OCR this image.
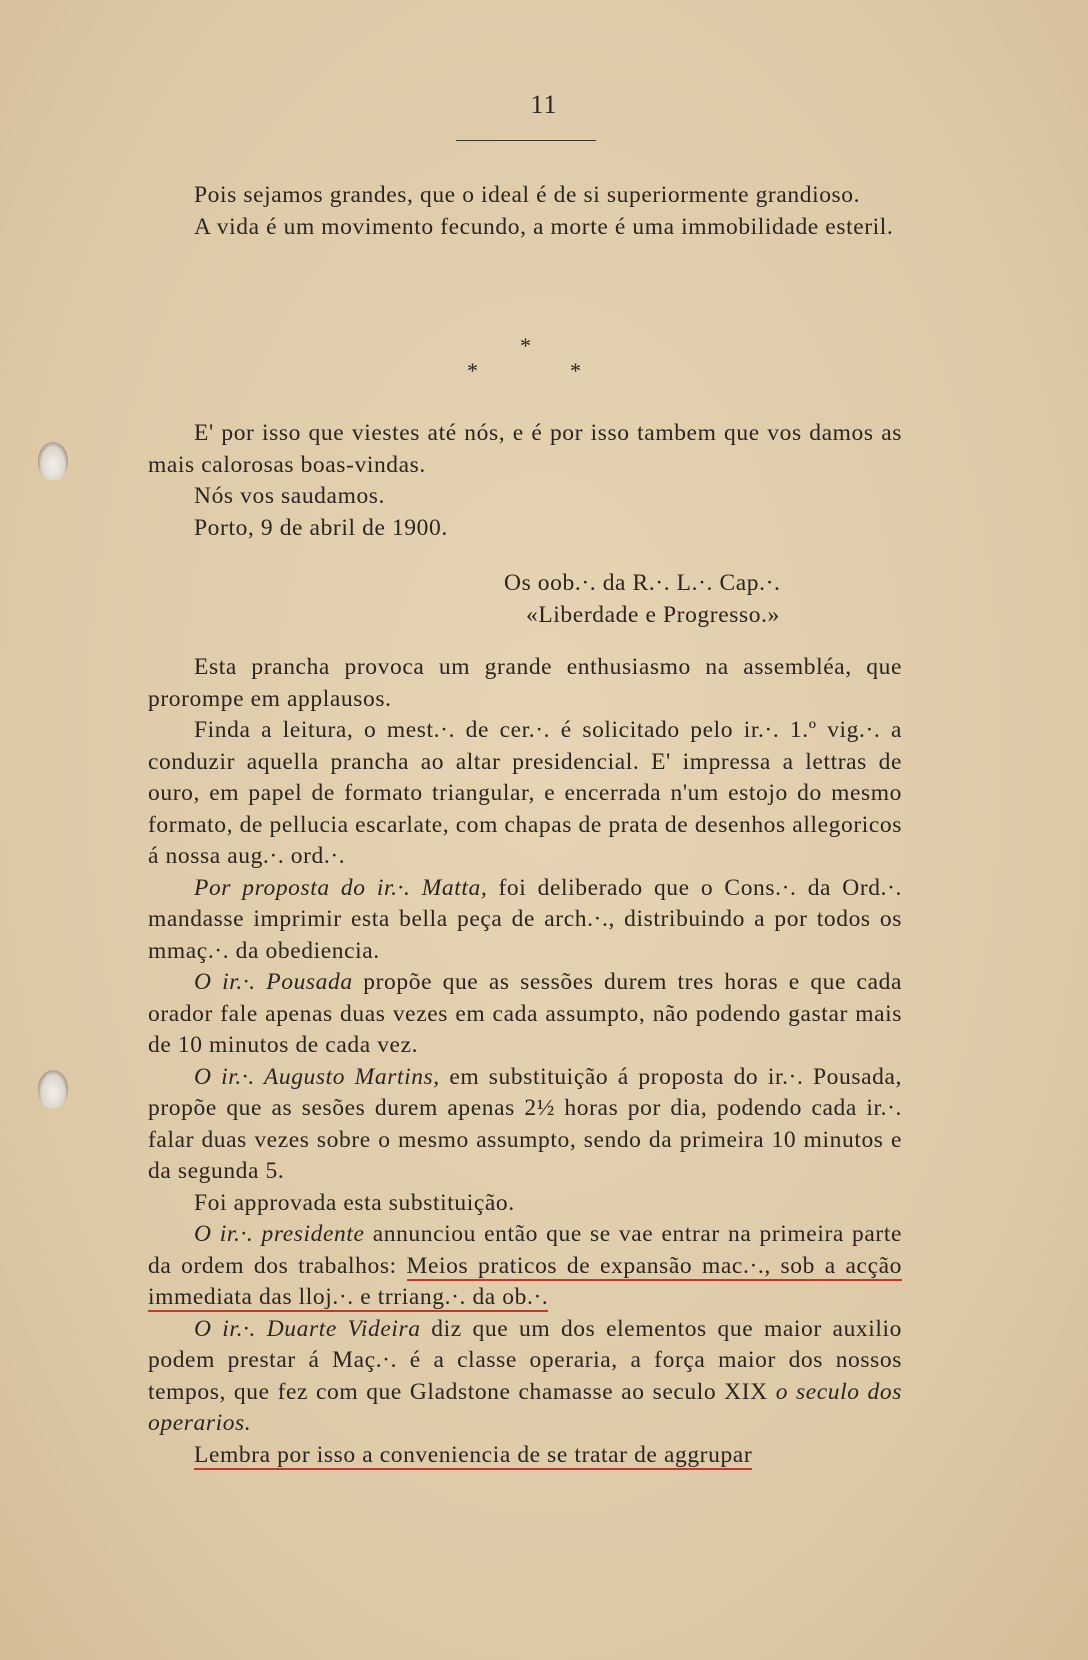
11

Pois sejamos grandes, que o ideal é de si superiormente grandioso.

A vida é um movimento fecundo, a morte é uma immobilidade esteril.

*
*	*

E' por isso que viestes até nós, e é por isso tambem que vos damos as mais calorosas boas-vindas.

Nós vos saudamos.

Porto, 9 de abril de 1900.

Os oob.·. da R.·. L.·. Cap.·.
«Liberdade e Progresso.»

Esta prancha provoca um grande enthusiasmo na assembléa, que prorompe em applausos.

Finda a leitura, o mest.·. de cer.·. é solicitado pelo ir.·. 1.º vig.·. a conduzir aquella prancha ao altar presidencial. E' impressa a lettras de ouro, em papel de formato triangular, e encerrada n'um estojo do mesmo formato, de pellucia escarlate, com chapas de prata de desenhos allegoricos á nossa aug.·. ord.·.

Por proposta do ir.·. Matta, foi deliberado que o Cons.·. da Ord.·. mandasse imprimir esta bella peça de arch.·., distribuindo a por todos os mmaç.·. da obediencia.

O ir.·. Pousada propõe que as sessões durem tres horas e que cada orador fale apenas duas vezes em cada assumpto, não podendo gastar mais de 10 minutos de cada vez.

O ir.·. Augusto Martins, em substituição á proposta do ir.·. Pousada, propõe que as sesões durem apenas 2½ horas por dia, podendo cada ir.·. falar duas vezes sobre o mesmo assumpto, sendo da primeira 10 minutos e da segunda 5.

Foi approvada esta substituição.

O ir.·. presidente annunciou então que se vae entrar na primeira parte da ordem dos trabalhos: Meios praticos de expansão mac.·., sob a acção immediata das lloj.·. e trriang.·. da ob.·.

O ir.·. Duarte Videira diz que um dos elementos que maior auxilio podem prestar á Maç.·. é a classe operaria, a força maior dos nossos tempos, que fez com que Gladstone chamasse ao seculo XIX o seculo dos operarios.

Lembra por isso a conveniencia de se tratar de aggrupar
